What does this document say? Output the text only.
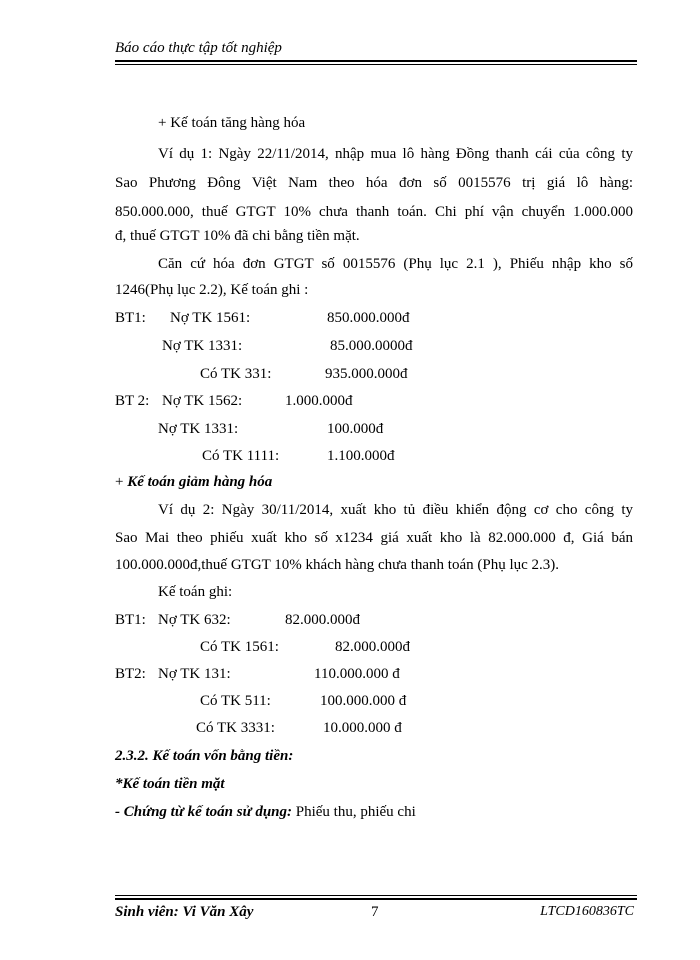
Báo cáo thực tập tốt nghiệp
+ Kế toán tăng hàng hóa
Ví dụ 1: Ngày 22/11/2014, nhập mua lô hàng Đồng thanh cái của công ty
Sao Phương Đông Việt Nam theo hóa đơn số 0015576 trị giá lô hàng:
850.000.000, thuế GTGT 10% chưa thanh toán. Chi phí vận chuyển 1.000.000
đ, thuế GTGT 10% đã chi bằng tiền mặt.
Căn cứ hóa đơn GTGT số 0015576 (Phụ lục 2.1 ), Phiếu nhập kho số
1246(Phụ lục 2.2), Kế toán ghi :
BT1: Nợ TK 1561:	850.000.000đ
Nợ TK 1331:	85.000.0000đ
Có TK 331:	935.000.000đ
BT 2: Nợ TK 1562:	1.000.000đ
Nợ TK 1331:	100.000đ
Có TK 1111:	1.100.000đ
+ Kế toán giảm hàng hóa
Ví dụ 2: Ngày 30/11/2014, xuất kho tủ điều khiển động cơ cho công ty
Sao Mai theo phiếu xuất kho số x1234 giá xuất kho là 82.000.000 đ, Giá bán
100.000.000đ,thuế GTGT 10% khách hàng chưa thanh toán (Phụ lục 2.3).
Kế toán ghi:
BT1: Nợ TK 632:	82.000.000đ
Có TK 1561:	82.000.000đ
BT2: Nợ TK 131:	110.000.000 đ
Có TK 511:	100.000.000 đ
Có TK 3331:	10.000.000 đ
2.3.2. Kế toán vốn bằng tiền:
*Kế toán tiền mặt
- Chứng từ kế toán sử dụng: Phiếu thu, phiếu chi
Sinh viên: Vi Văn Xây	7	LTCD160836TC
